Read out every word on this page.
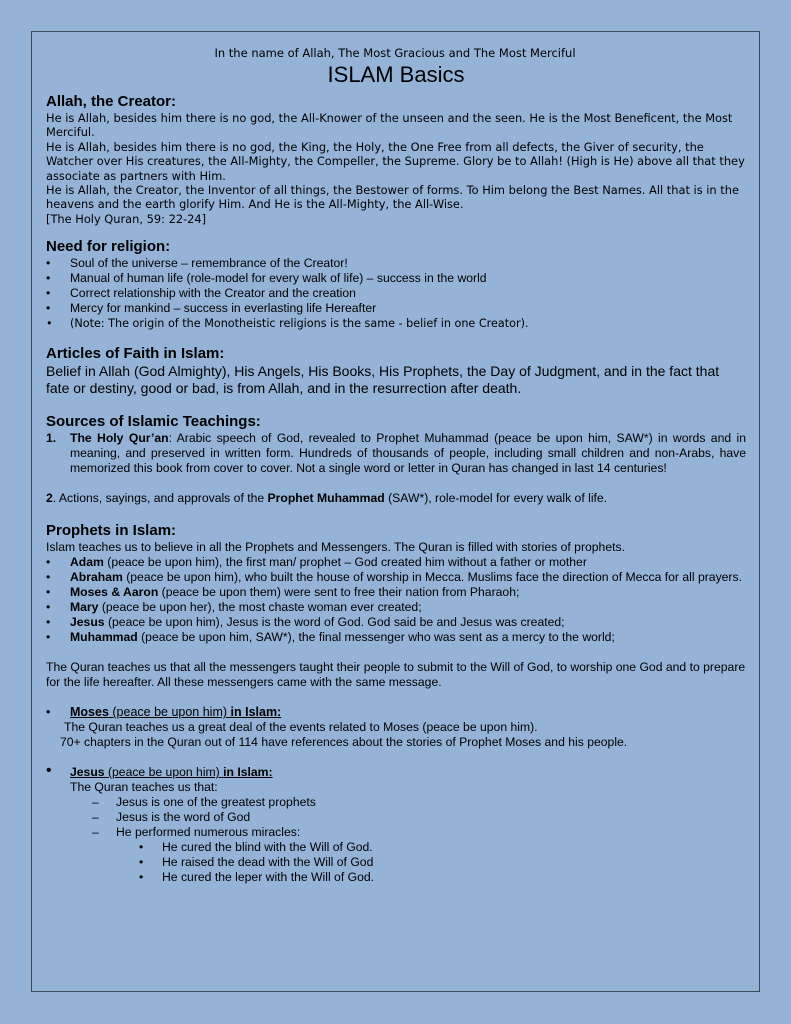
In the name of Allah, The Most Gracious and The Most Merciful
ISLAM Basics
Allah, the Creator:

He is Allah, besides him there is no god, the All-Knower of the unseen and the seen. He is the Most Beneficent, the Most Merciful.

He is Allah, besides him there is no god, the King, the Holy, the One Free from all defects, the Giver of security, the Watcher over His creatures, the All-Mighty, the Compeller, the Supreme. Glory be to Allah! (High is He) above all that they associate as partners with Him.

He is Allah, the Creator, the Inventor of all things, the Bestower of forms. To Him belong the Best Names. All that is in the heavens and the earth glorify Him. And He is the All-Mighty, the All-Wise.

[The Holy Quran, 59: 22-24]

Need for religion:
• Soul of the universe – remembrance of the Creator!
• Manual of human life (role-model for every walk of life) – success in the world
• Correct relationship with the Creator and the creation
• Mercy for mankind – success in everlasting life Hereafter
• (Note: The origin of the Monotheistic religions is the same - belief in one Creator).
Articles of Faith in Islam:

Belief in Allah (God Almighty), His Angels, His Books, His Prophets, the Day of Judgment, and in the fact that fate or destiny, good or bad, is from Allah, and in the resurrection after death.

Sources of Islamic Teachings:
1. The Holy Qur’an: Arabic speech of God, revealed to Prophet Muhammad (peace be upon him, SAW*) in words and in meaning, and preserved in written form. Hundreds of thousands of people, including small children and non-Arabs, have memorized this book from cover to cover. Not a single word or letter in Quran has changed in last 14 centuries!
2. Actions, sayings, and approvals of the Prophet Muhammad (SAW*), role-model for every walk of life.
Prophets in Islam:

Islam teaches us to believe in all the Prophets and Messengers. The Quran is filled with stories of prophets.

• Adam (peace be upon him), the first man/ prophet – God created him without a father or mother
• Abraham (peace be upon him), who built the house of worship in Mecca. Muslims face the direction of Mecca for all prayers.
• Moses & Aaron (peace be upon them) were sent to free their nation from Pharaoh;
• Mary (peace be upon her), the most chaste woman ever created;
• Jesus (peace be upon him), Jesus is the word of God. God said be and Jesus was created;
• Muhammad (peace be upon him, SAW*), the final messenger who was sent as a mercy to the world;

The Quran teaches us that all the messengers taught their people to submit to the Will of God, to worship one God and to prepare for the life hereafter. All these messengers came with the same message.

• Moses (peace be upon him) in Islam:

The Quran teaches us a great deal of the events related to Moses (peace be upon him).

70+ chapters in the Quran out of 114 have references about the stories of Prophet Moses and his people.

• Jesus (peace be upon him) in Islam:

The Quran teaches us that:

– Jesus is one of the greatest prophets
– Jesus is the word of God
– He performed numerous miracles:
• He cured the blind with the Will of God.
• He raised the dead with the Will of God
• He cured the leper with the Will of God.
